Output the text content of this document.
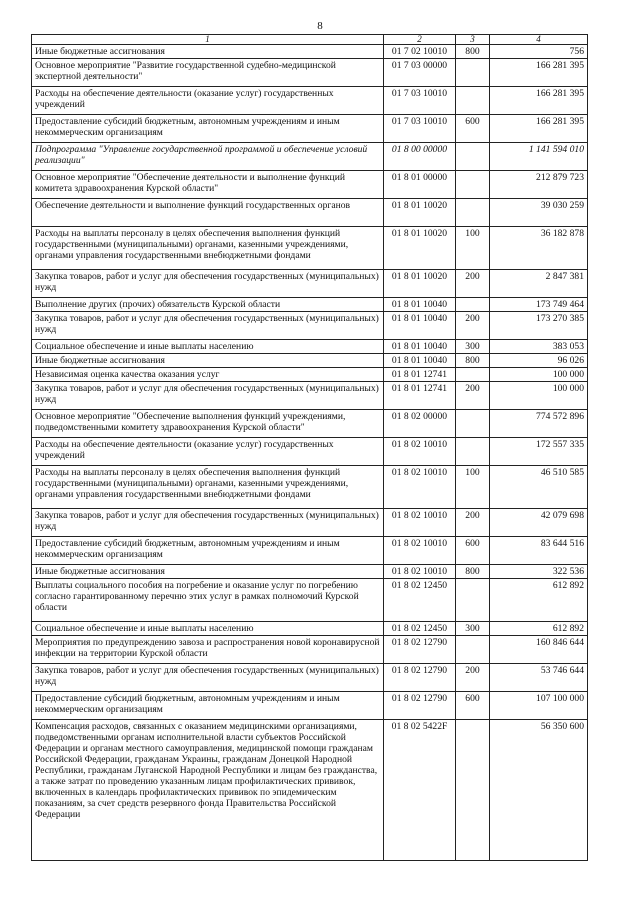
8
1	2	3	4
Иные бюджетные ассигнования	01 7 02 10010	800	756
Основное мероприятие "Развитие государственной судебно-медицинской экспертной деятельности"	01 7 03 00000		166 281 395
Расходы на обеспечение деятельности (оказание услуг) государственных учреждений	01 7 03 10010		166 281 395
Предоставление субсидий бюджетным, автономным учреждениям и иным некоммерческим организациям	01 7 03 10010	600	166 281 395
Подпрограмма "Управление государственной программой и обеспечение условий реализации"	01 8 00 00000		1 141 594 010
Основное мероприятие "Обеспечение деятельности и выполнение функций комитета здравоохранения Курской области"	01 8 01 00000		212 879 723
Обеспечение деятельности и выполнение функций государственных органов	01 8 01 10020		39 030 259
Расходы на выплаты персоналу в целях обеспечения выполнения функций государственными (муниципальными) органами, казенными учреждениями, органами управления государственными внебюджетными фондами	01 8 01 10020	100	36 182 878
Закупка товаров, работ и услуг для обеспечения государственных (муниципальных) нужд	01 8 01 10020	200	2 847 381
Выполнение других (прочих) обязательств Курской области	01 8 01 10040		173 749 464
Закупка товаров, работ и услуг для обеспечения государственных (муниципальных) нужд	01 8 01 10040	200	173 270 385
Социальное обеспечение и иные выплаты населению	01 8 01 10040	300	383 053
Иные бюджетные ассигнования	01 8 01 10040	800	96 026
Независимая оценка качества оказания услуг	01 8 01 12741		100 000
Закупка товаров, работ и услуг для обеспечения государственных (муниципальных) нужд	01 8 01 12741	200	100 000
Основное мероприятие "Обеспечение выполнения функций учреждениями, подведомственными комитету здравоохранения Курской области"	01 8 02 00000		774 572 896
Расходы на обеспечение деятельности (оказание услуг) государственных учреждений	01 8 02 10010		172 557 335
Расходы на выплаты персоналу в целях обеспечения выполнения функций государственными (муниципальными) органами, казенными учреждениями, органами управления государственными внебюджетными фондами	01 8 02 10010	100	46 510 585
Закупка товаров, работ и услуг для обеспечения государственных (муниципальных) нужд	01 8 02 10010	200	42 079 698
Предоставление субсидий бюджетным, автономным учреждениям и иным некоммерческим организациям	01 8 02 10010	600	83 644 516
Иные бюджетные ассигнования	01 8 02 10010	800	322 536
Выплаты социального пособия на погребение и оказание услуг по погребению согласно гарантированному перечню этих услуг в рамках полномочий Курской области	01 8 02 12450		612 892
Социальное обеспечение и иные выплаты населению	01 8 02 12450	300	612 892
Мероприятия по предупреждению завоза и распространения новой коронавирусной инфекции на территории Курской области	01 8 02 12790		160 846 644
Закупка товаров, работ и услуг для обеспечения государственных (муниципальных) нужд	01 8 02 12790	200	53 746 644
Предоставление субсидий бюджетным, автономным учреждениям и иным некоммерческим организациям	01 8 02 12790	600	107 100 000
Компенсация расходов, связанных с оказанием медицинскими организациями, подведомственными органам исполнительной власти субъектов Российской Федерации и органам местного самоуправления, медицинской помощи гражданам Российской Федерации, гражданам Украины, гражданам Донецкой Народной Республики, гражданам Луганской Народной Республики и лицам без гражданства, а также затрат по проведению указанным лицам профилактических прививок, включенных в календарь профилактических прививок по эпидемическим показаниям, за счет средств резервного фонда Правительства Российской Федерации	01 8 02 5422F		56 350 600
